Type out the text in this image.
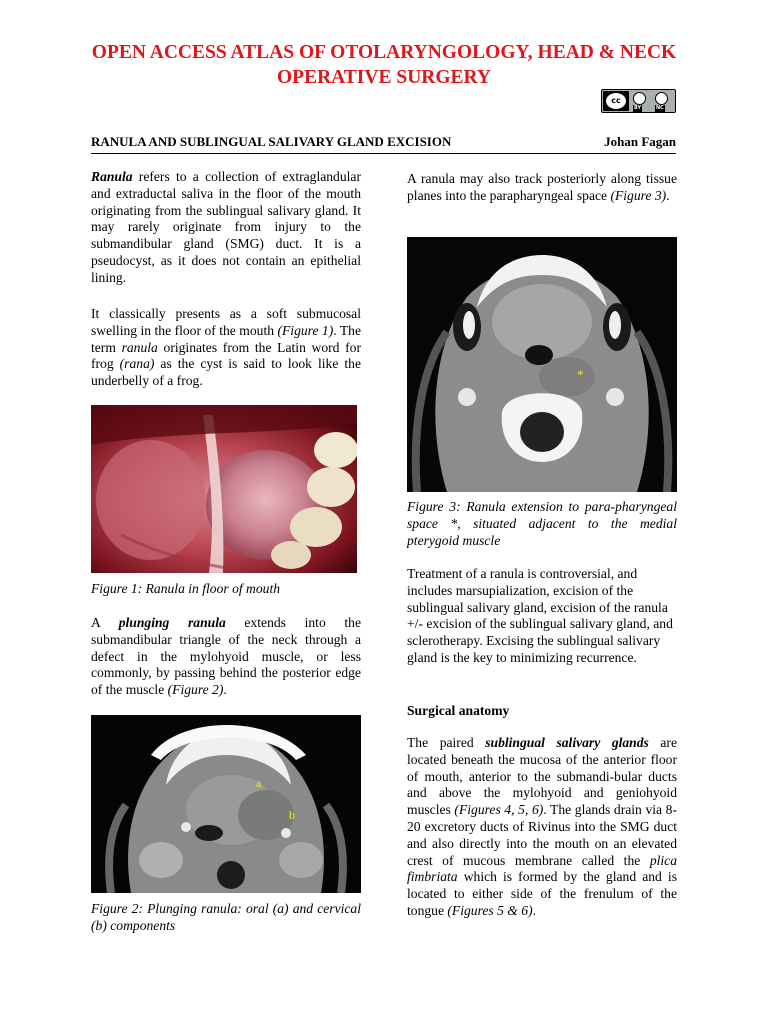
OPEN ACCESS ATLAS OF OTOLARYNGOLOGY, HEAD & NECK OPERATIVE SURGERY
cc
BY	NC
RANULA AND SUBLINGUAL SALIVARY GLAND EXCISION	Johan Fagan

Ranula refers to a collection of extraglandular and extraductal saliva in the floor of the mouth originating from the sublingual salivary gland. It may rarely originate from injury to the submandibular gland (SMG) duct. It is a pseudocyst, as it does not contain an epithelial lining.

It classically presents as a soft submucosal swelling in the floor of the mouth (Figure 1). The term ranula originates from the Latin word for frog (rana) as the cyst is said to look like the underbelly of a frog.

Figure 1: Ranula in floor of mouth

A plunging ranula extends into the submandibular triangle of the neck through a defect in the mylohyoid muscle, or less commonly, by passing behind the posterior edge of the muscle (Figure 2).

a
b
Figure 2: Plunging ranula: oral (a) and cervical (b) components

A ranula may also track posteriorly along tissue planes into the parapharyngeal space (Figure 3).

*
Figure 3: Ranula extension to para-pharyngeal space *, situated adjacent to the medial pterygoid muscle
Treatment of a ranula is controversial, and includes marsupialization, excision of the sublingual salivary gland, excision of the ranula +/- excision of the sublingual salivary gland, and sclerotherapy. Excising the sublingual salivary gland is the key to minimizing recurrence.
Surgical anatomy

The paired sublingual salivary glands are located beneath the mucosa of the anterior floor of mouth, anterior to the submandi-bular ducts and above the mylohyoid and geniohyoid muscles (Figures 4, 5, 6). The glands drain via 8-20 excretory ducts of Rivinus into the SMG duct and also directly into the mouth on an elevated crest of mucous membrane called the plica fimbriata which is formed by the gland and is located to either side of the frenulum of the tongue (Figures 5 & 6).
